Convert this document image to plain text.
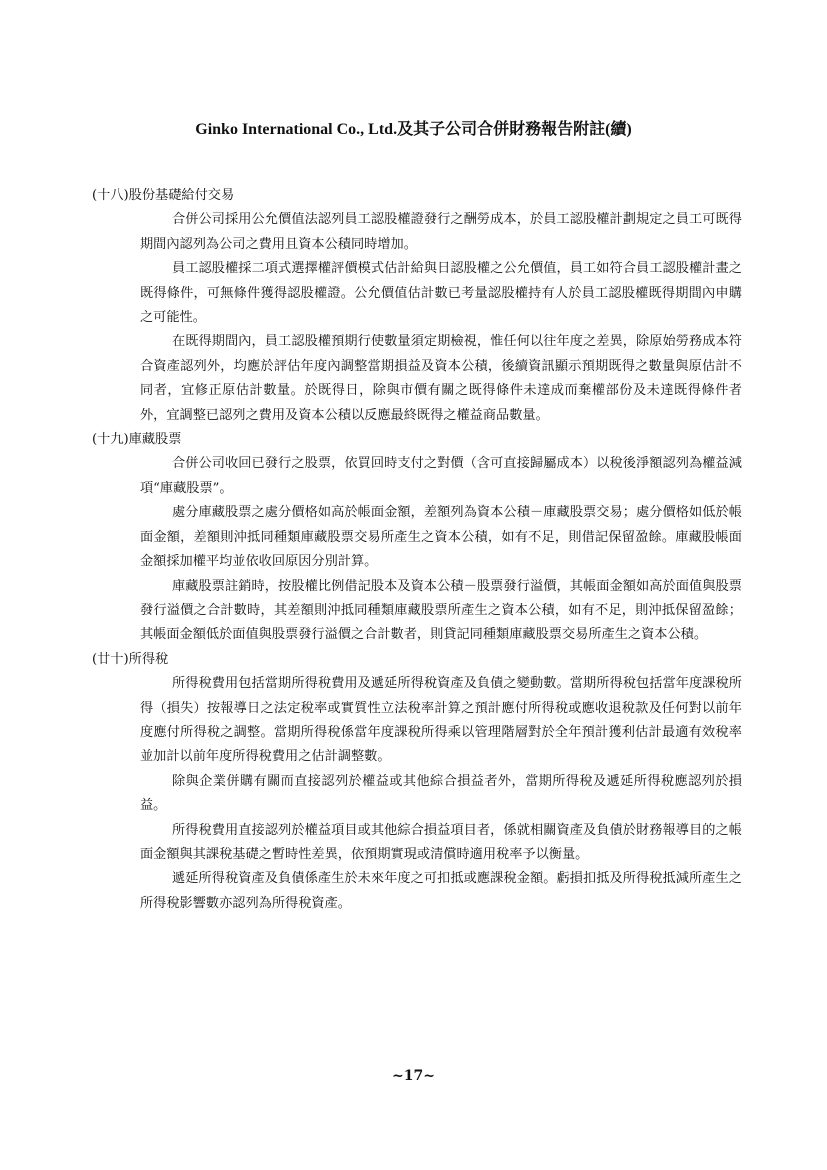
Ginko International Co., Ltd.及其子公司合併財務報告附註(續)

(十八)股份基礎給付交易

合併公司採用公允價值法認列員工認股權證發行之酬勞成本，於員工認股權計劃規定之員工可既得期間內認列為公司之費用且資本公積同時增加。

員工認股權採二項式選擇權評價模式估計給與日認股權之公允價值，員工如符合員工認股權計畫之既得條件，可無條件獲得認股權證。公允價值估計數已考量認股權持有人於員工認股權既得期間內申購之可能性。

在既得期間內，員工認股權預期行使數量須定期檢視，惟任何以往年度之差異，除原始勞務成本符合資產認列外，均應於評估年度內調整當期損益及資本公積，後續資訊顯示預期既得之數量與原估計不同者，宜修正原估計數量。於既得日，除與市價有關之既得條件未達成而棄權部份及未達既得條件者外，宜調整已認列之費用及資本公積以反應最終既得之權益商品數量。

(十九)庫藏股票

合併公司收回已發行之股票，依買回時支付之對價（含可直接歸屬成本）以稅後淨額認列為權益減項“庫藏股票”。

處分庫藏股票之處分價格如高於帳面金額，差額列為資本公積－庫藏股票交易；處分價格如低於帳面金額，差額則沖抵同種類庫藏股票交易所產生之資本公積，如有不足，則借記保留盈餘。庫藏股帳面金額採加權平均並依收回原因分別計算。

庫藏股票註銷時，按股權比例借記股本及資本公積－股票發行溢價，其帳面金額如高於面值與股票發行溢價之合計數時，其差額則沖抵同種類庫藏股票所產生之資本公積，如有不足，則沖抵保留盈餘；其帳面金額低於面值與股票發行溢價之合計數者，則貸記同種類庫藏股票交易所產生之資本公積。

(廿十)所得稅

所得稅費用包括當期所得稅費用及遞延所得稅資產及負債之變動數。當期所得稅包括當年度課稅所得（損失）按報導日之法定稅率或實質性立法稅率計算之預計應付所得稅或應收退稅款及任何對以前年度應付所得稅之調整。當期所得稅係當年度課稅所得乘以管理階層對於全年預計獲利估計最適有效稅率並加計以前年度所得稅費用之估計調整數。

除與企業併購有關而直接認列於權益或其他綜合損益者外，當期所得稅及遞延所得稅應認列於損益。

所得稅費用直接認列於權益項目或其他綜合損益項目者，係就相關資產及負債於財務報導目的之帳面金額與其課稅基礎之暫時性差異，依預期實現或清償時適用稅率予以衡量。

遞延所得稅資產及負債係產生於未來年度之可扣抵或應課稅金額。虧損扣抵及所得稅抵減所產生之所得稅影響數亦認列為所得稅資產。

~17~
